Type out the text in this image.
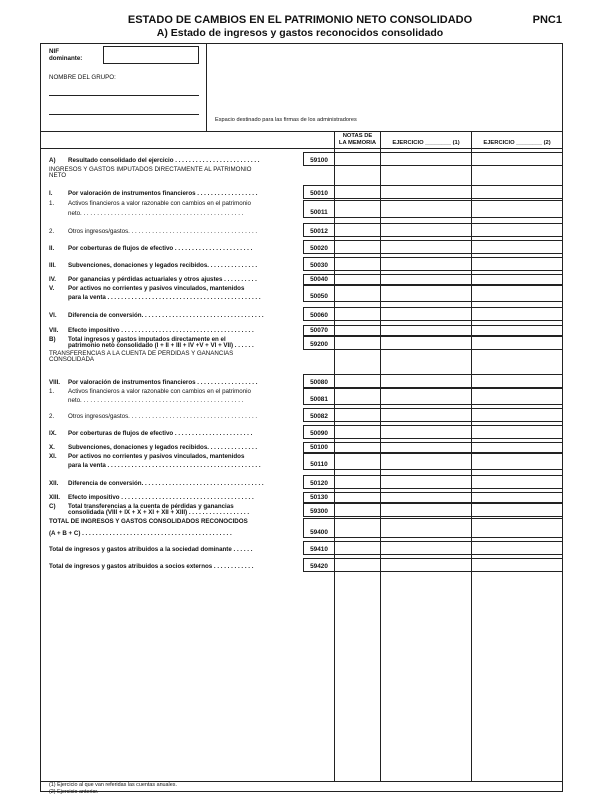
ESTADO DE CAMBIOS EN EL PATRIMONIO NETO CONSOLIDADO	PNC1
A) Estado de ingresos y gastos reconocidos consolidado
NIF
dominante:
NOMBRE DEL GRUPO:
Espacio destinado para las firmas de los administradores
NOTAS DE
LA MEMORIA	EJERCICIO ________ (1)	EJERCICIO ________ (2)
A) Resultado consolidado del ejercicio . . . . . . . . . . . . . . . . . . . . . . . . .	59100
INGRESOS Y GASTOS IMPUTADOS DIRECTAMENTE AL PATRIMONIO
NETO
I.	Por valoración de instrumentos financieros . . . . . . . . . . . . . . . . . .	50010
1. Activos financieros a valor razonable con cambios en el patrimonio
neto. . . . . . . . . . . . . . . . . . . . . . . . . . . . . . . . . . . . . . . . . . . . . . . .	50011
2. Otros ingresos/gastos. . . . . . . . . . . . . . . . . . . . . . . . . . . . . . . . . . . . . .	50012
II. Por coberturas de flujos de efectivo . . . . . . . . . . . . . . . . . . . . . . .	50020
III. Subvenciones, donaciones y legados recibidos. . . . . . . . . . . . . . .	50030
IV. Por ganancias y pérdidas actuariales y otros ajustes . . . . . . . . . .	50040
V. Por activos no corrientes y pasivos vinculados, mantenidos
para la venta . . . . . . . . . . . . . . . . . . . . . . . . . . . . . . . . . . . . . . . . . . . . .	50050
VI. Diferencia de conversión. . . . . . . . . . . . . . . . . . . . . . . . . . . . . . . . . . . .	50060
VII. Efecto impositivo . . . . . . . . . . . . . . . . . . . . . . . . . . . . . . . . . . . . . . .	50070
B) Total ingresos y gastos imputados directamente en el
patrimonio neto consolidado (I + II + III + IV +V + VI + VII) . . . . . .	59200
TRANSFERENCIAS A LA CUENTA DE PÉRDIDAS Y GANANCIAS
CONSOLIDADA
VIII. Por valoración de instrumentos financieros . . . . . . . . . . . . . . . . . .	50080
1. Activos financieros a valor razonable con cambios en el patrimonio
neto. . . . . . . . . . . . . . . . . . . . . . . . . . . . . . . . . . . . . . . . . . . . . . . .	50081
2. Otros ingresos/gastos. . . . . . . . . . . . . . . . . . . . . . . . . . . . . . . . . . . . . .	50082
IX. Por coberturas de flujos de efectivo . . . . . . . . . . . . . . . . . . . . . . .	50090
X. Subvenciones, donaciones y legados recibidos. . . . . . . . . . . . . . .	50100
XI. Por activos no corrientes y pasivos vinculados, mantenidos
para la venta . . . . . . . . . . . . . . . . . . . . . . . . . . . . . . . . . . . . . . . . . . . . .	50110
XII. Diferencia de conversión. . . . . . . . . . . . . . . . . . . . . . . . . . . . . . . . . . . .	50120
XIII. Efecto impositivo . . . . . . . . . . . . . . . . . . . . . . . . . . . . . . . . . . . . . . .	50130
C) Total transferencias a la cuenta de pérdidas y ganancias
consolidada (VIII + IX + X + XI + XII + XIII) . . . . . . . . . . . . . . . . . .	59300
TOTAL DE INGRESOS Y GASTOS CONSOLIDADOS RECONOCIDOS
(A + B + C) . . . . . . . . . . . . . . . . . . . . . . . . . . . . . . . . . . . . . . . . . . . .	59400
Total de ingresos y gastos atribuidos a la sociedad dominante . . . . . .	59410
Total de ingresos y gastos atribuidos a socios externos . . . . . . . . . . . .	59420
(1) Ejercicio al que van referidas las cuentas anuales.
(2) Ejercicio anterior.
